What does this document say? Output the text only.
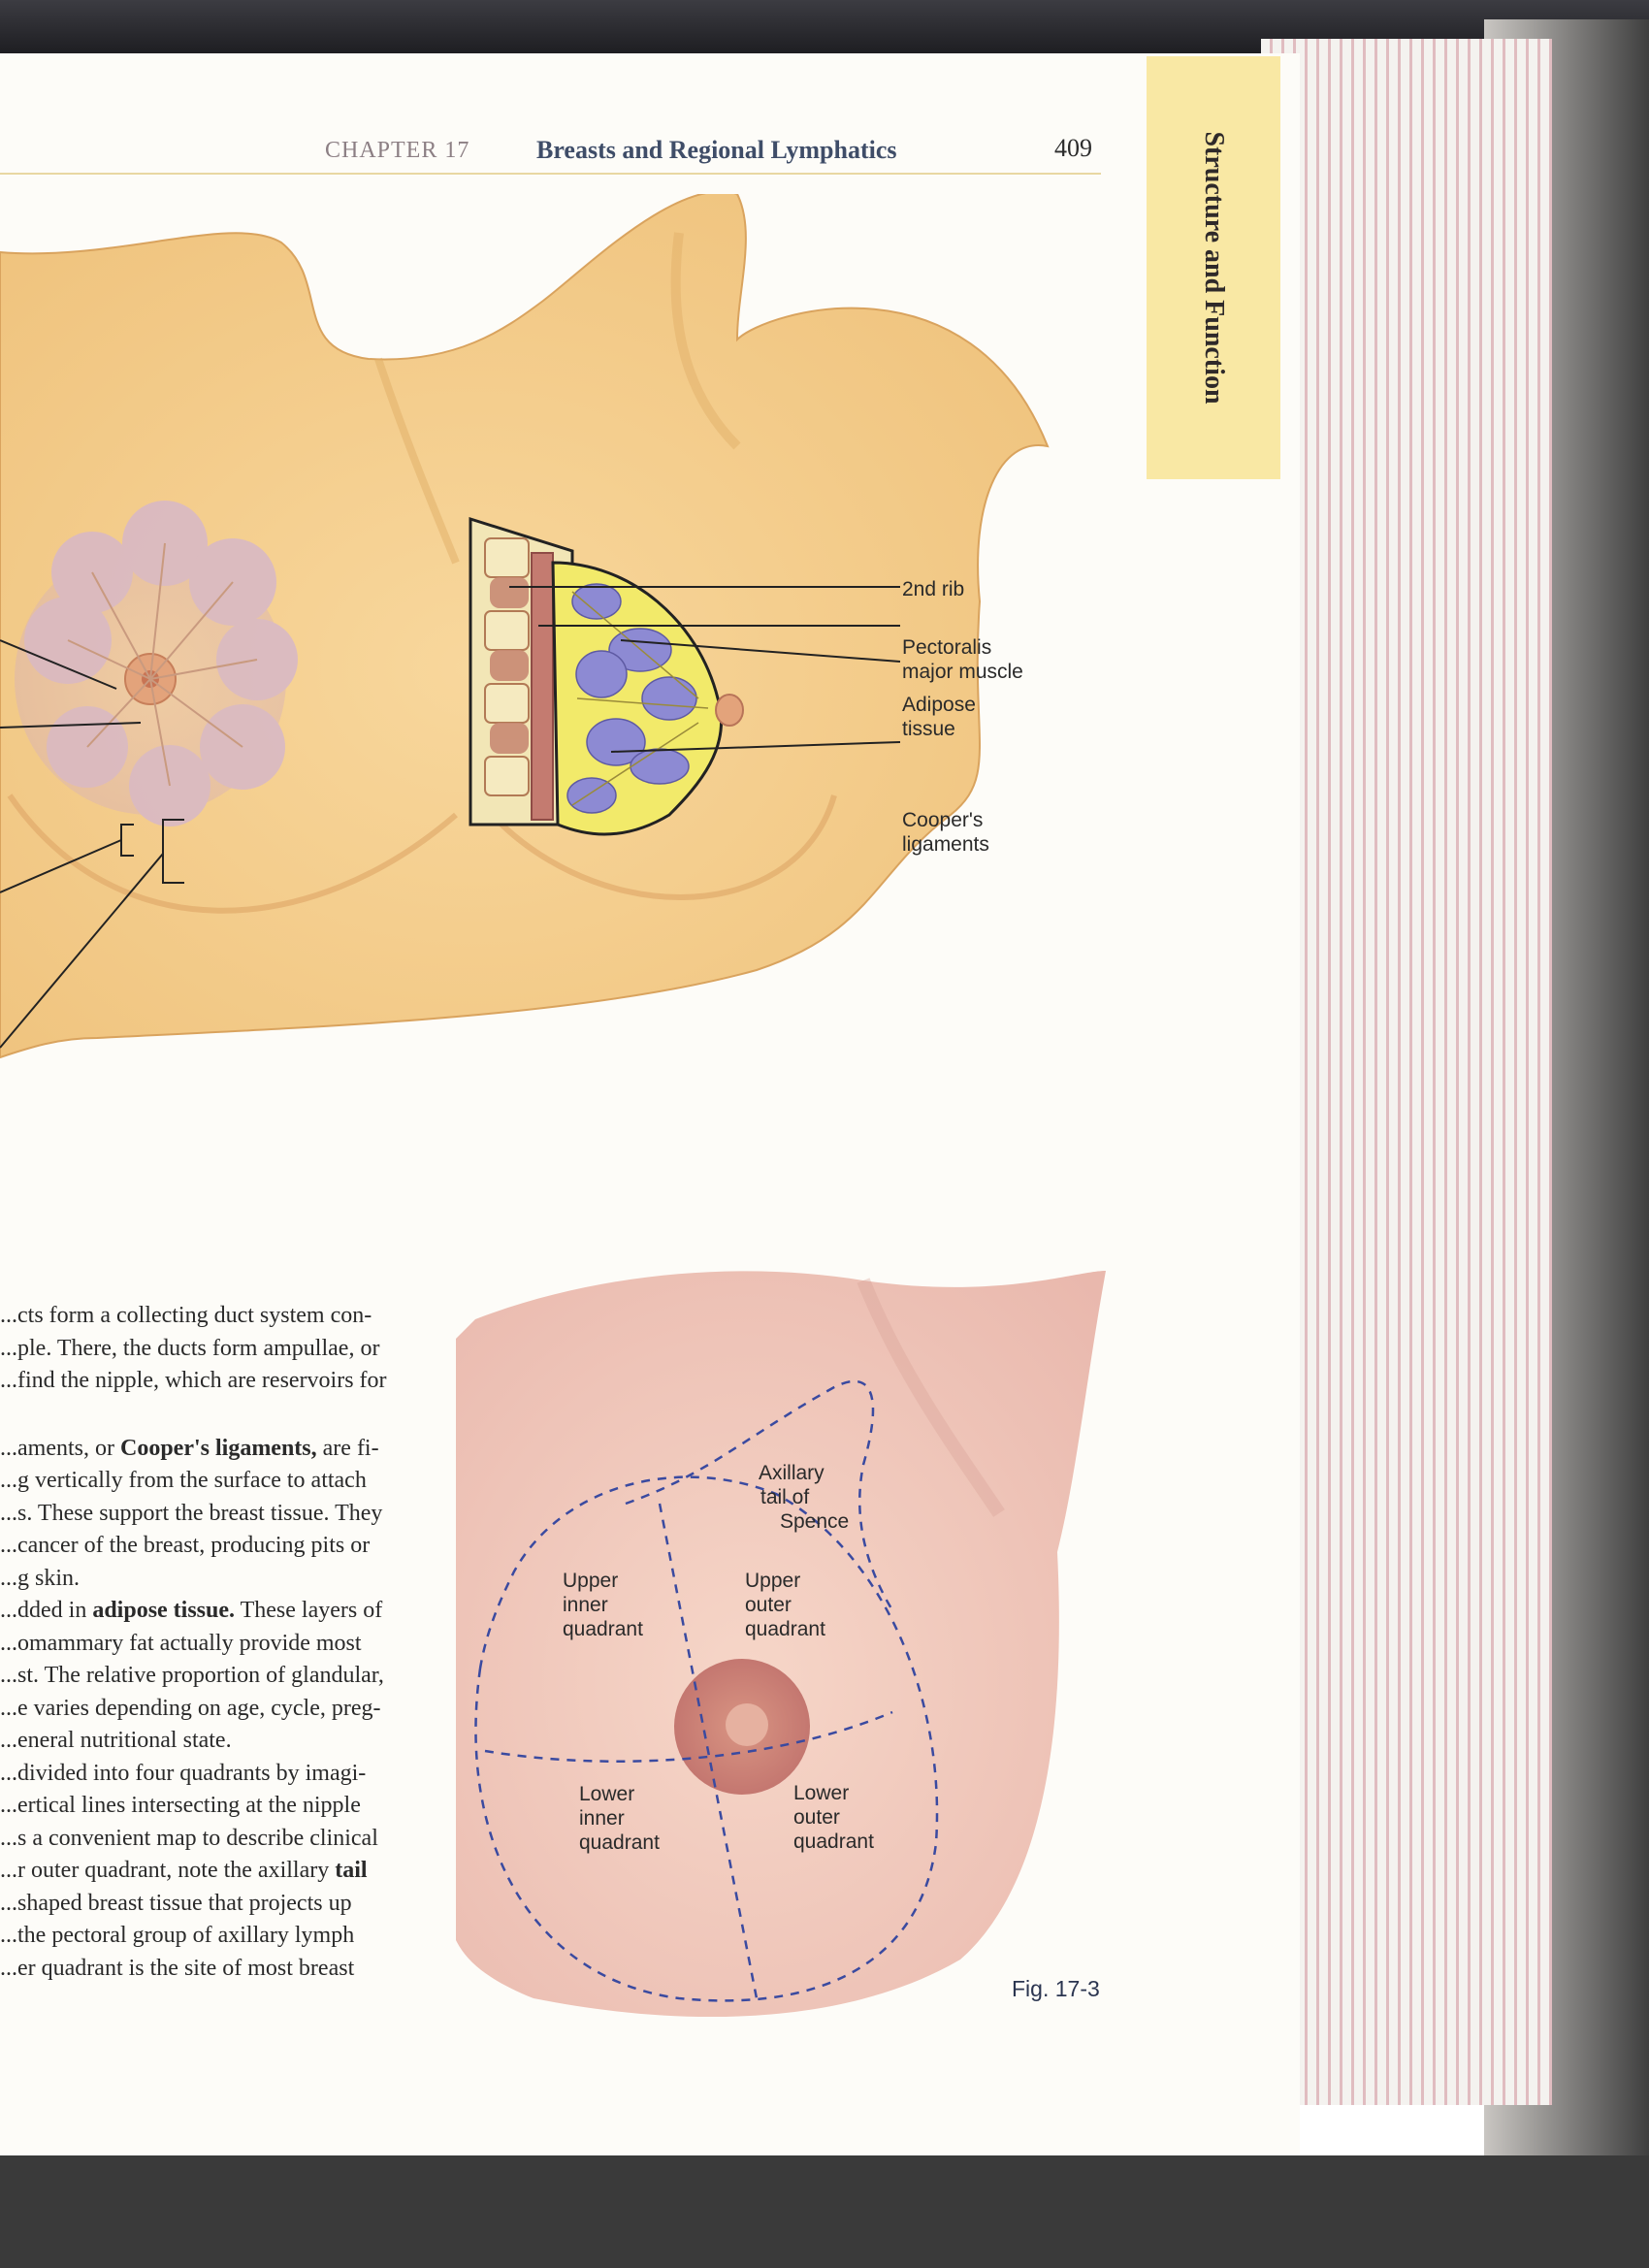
Structure and Function
CHAPTER 17	Breasts and Regional Lymphatics	409
2nd rib
Pectoralis
major muscle
Adipose
tissue
Cooper's
ligaments

...cts form a collecting duct system con-

...ple. There, the ducts form ampullae, or

...find the nipple, which are reservoirs for

...aments, or Cooper's ligaments, are fi-

...g vertically from the surface to attach

...s. These support the breast tissue. They

...cancer of the breast, producing pits or

...g skin.

...dded in adipose tissue. These layers of

...omammary fat actually provide most

...st. The relative proportion of glandular,

...e varies depending on age, cycle, preg-

...eneral nutritional state.

...divided into four quadrants by imagi-

...ertical lines intersecting at the nipple

...s a convenient map to describe clinical

...r outer quadrant, note the axillary tail

...shaped breast tissue that projects up

...the pectoral group of axillary lymph

...er quadrant is the site of most breast

Axillary
tail of
Spence
Upper
inner
quadrant
Upper
outer
quadrant
Lower
inner
quadrant
Lower
outer
quadrant
Fig. 17-3
